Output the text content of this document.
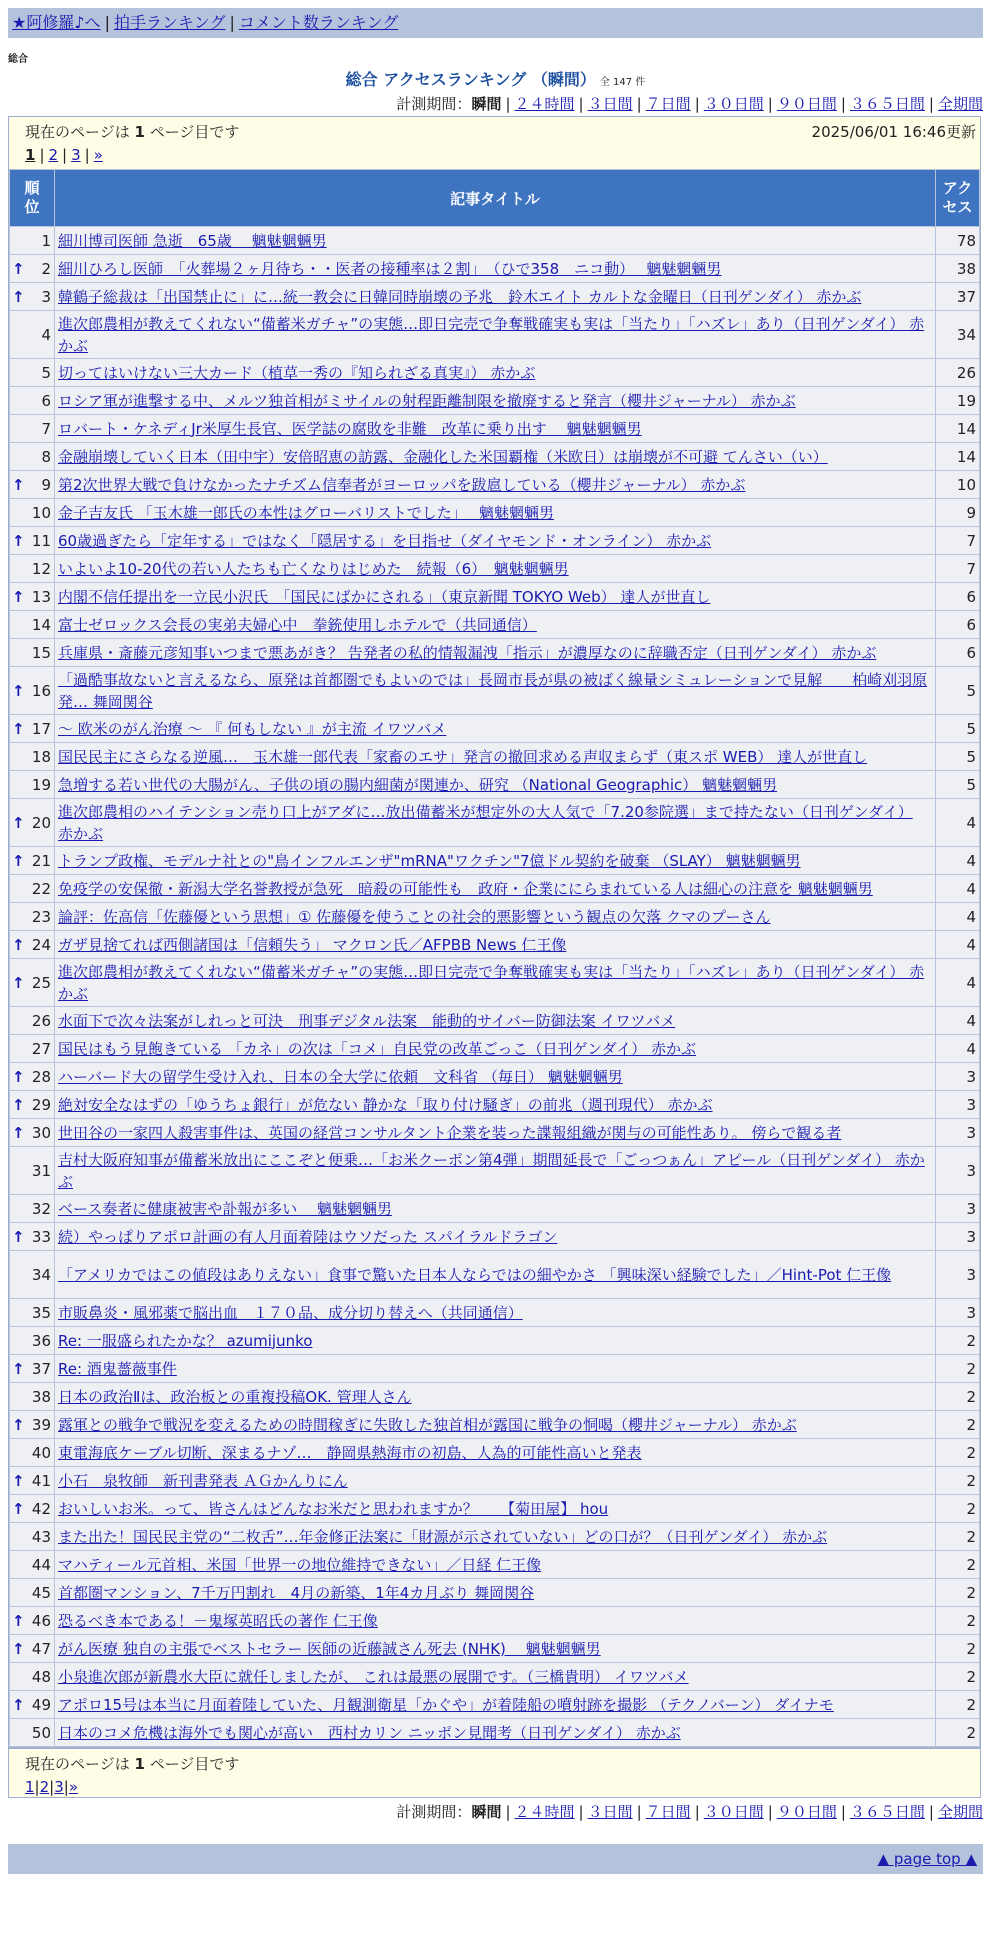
★阿修羅♪へ | 拍手ランキング | コメント数ランキング
総合
総合 アクセスランキング （瞬間） 全 147 件
計測期間：瞬間 | ２４時間 | ３日間 | ７日間 | ３０日間 | ９０日間 | ３６５日間 | 全期間
現在のページは 1 ページ目です	2025/06/01 16:46更新
1 | 2 | 3 | »
順位	記事タイトル	アクセス

1	細川博司医師 急逝　65歳　 魑魅魍魎男	78

↑ 2	細川ひろし医師　「火葬場２ヶ月待ち・・医者の接種率は２割」　（ひで358　ニコ動）　 魑魅魍魎男	38

↑ 3	韓鶴子総裁は「出国禁止に」に…統一教会に日韓同時崩壊の予兆　鈴木エイト カルトな金曜日（日刊ゲンダイ） 赤かぶ	37
4	進次郎農相が教えてくれない“備蓄米ガチャ”の実態…即日完売で争奪戦確実も実は「当たり」「ハズレ」あり（日刊ゲンダイ） 赤かぶ	34
5	切ってはいけない三大カード（植草一秀の『知られざる真実』） 赤かぶ	26
6	ロシア軍が進撃する中、メルツ独首相がミサイルの射程距離制限を撤廃すると発言（櫻井ジャーナル） 赤かぶ	19
7	ロバート・ケネディJr米厚生長官、医学誌の腐敗を非難　改革に乗り出す　 魑魅魍魎男	14
8	金融崩壊していく日本（田中宇）安倍昭恵の訪露、金融化した米国覇権（米欧日）は崩壊が不可避 てんさい（い）	14

↑ 9	第2次世界大戦で負けなかったナチズム信奉者がヨーロッパを跋扈している（櫻井ジャーナル） 赤かぶ	10
10	金子吉友氏 「玉木雄一郎氏の本性はグローバリストでした」　 魑魅魍魎男	9

↑ 11	60歳過ぎたら「定年する」ではなく「隠居する」を目指せ（ダイヤモンド・オンライン） 赤かぶ	7
12	いよいよ10-20代の若い人たちも亡くなりはじめた　続報（6）　魑魅魍魎男	7

↑ 13	内閣不信任提出を一立民小沢氏　「国民にばかにされる」（東京新聞 TOKYO Web） 達人が世直し	6
14	富士ゼロックス会長の実弟夫婦心中　拳銃使用しホテルで（共同通信）	6
15	兵庫県・斎藤元彦知事いつまで悪あがき？ 告発者の私的情報漏洩「指示」が濃厚なのに辞職否定（日刊ゲンダイ） 赤かぶ	6

↑ 16	「過酷事故ないと言えるなら、原発は首都圏でもよいのでは」長岡市長が県の被ばく線量シミュレーションで見解　　柏崎刈羽原発… 舞岡関谷	5

↑ 17	～ 欧米のがん治療 ～ 『 何もしない 』が主流 イワツバメ	5
18	国民民主にさらなる逆風…　玉木雄一郎代表「家畜のエサ」発言の撤回求める声収まらず（東スポ WEB） 達人が世直し	5
19	急増する若い世代の大腸がん、子供の頃の腸内細菌が関連か、研究 （National Geographic） 魑魅魍魎男	5

↑ 20	進次郎農相のハイテンション売り口上がアダに…放出備蓄米が想定外の大人気で「7.20参院選」まで持たない（日刊ゲンダイ） 赤かぶ	4

↑ 21	トランプ政権、モデルナ社との"鳥インフルエンザ"mRNA"ワクチン"7億ドル契約を破棄 （SLAY） 魑魅魍魎男	4
22	免疫学の安保徹・新潟大学名誉教授が急死　暗殺の可能性も　政府・企業ににらまれている人は細心の注意を 魑魅魍魎男	4
23	論評：佐高信「佐藤優という思想」① 佐藤優を使うことの社会的悪影響という観点の欠落 クマのプーさん	4

↑ 24	ガザ見捨てれば西側諸国は「信頼失う」 マクロン氏／AFPBB News 仁王像	4

↑ 25	進次郎農相が教えてくれない“備蓄米ガチャ”の実態…即日完売で争奪戦確実も実は「当たり」「ハズレ」あり（日刊ゲンダイ） 赤かぶ	4
26	水面下で次々法案がしれっと可決　刑事デジタル法案　能動的サイバー防御法案 イワツバメ	4
27	国民はもう見飽きている 「カネ」の次は「コメ」自民党の改革ごっこ（日刊ゲンダイ） 赤かぶ	4

↑ 28	ハーバード大の留学生受け入れ、日本の全大学に依頼　文科省 （毎日） 魑魅魍魎男	3

↑ 29	絶対安全なはずの「ゆうちょ銀行」が危ない 静かな「取り付け騒ぎ」の前兆（週刊現代） 赤かぶ	3

↑ 30	世田谷の一家四人殺害事件は、英国の経営コンサルタント企業を装った諜報組織が関与の可能性あり。 傍らで観る者	3
31	吉村大阪府知事が備蓄米放出にここぞと便乗…「お米クーポン第4弾」期間延長で「ごっつぁん」アピール（日刊ゲンダイ） 赤かぶ	3
32	ベース奏者に健康被害や訃報が多い　 魑魅魍魎男	3

↑ 33	続）やっぱりアポロ計画の有人月面着陸はウソだった スパイラルドラゴン	3
34	「アメリカではこの値段はありえない」食事で驚いた日本人ならではの細やかさ 「興味深い経験でした」／Hint-Pot 仁王像	3
35	市販鼻炎・風邪薬で脳出血　１７０品、成分切り替えへ（共同通信）	3
36	Re: 一服盛られたかな？ azumijunko	2

↑ 37	Re: 酒鬼薔薇事件	2
38	日本の政治Ⅱは、政治板との重複投稿OK. 管理人さん	2

↑ 39	露軍との戦争で戦況を変えるための時間稼ぎに失敗した独首相が露国に戦争の恫喝（櫻井ジャーナル） 赤かぶ	2
40	東電海底ケーブル切断、深まるナゾ…　静岡県熱海市の初島、人為的可能性高いと発表	2

↑ 41	小石　泉牧師　新刊書発表 ＡＧかんりにん	2

↑ 42	おいしいお米。って、皆さんはどんなお米だと思われますか？　　【菊田屋】 hou	2
43	また出た！国民民主党の“二枚舌”…年金修正法案に「財源が示されていない」どの口が？（日刊ゲンダイ） 赤かぶ	2
44	マハティール元首相、米国「世界一の地位維持できない」／日経 仁王像	2
45	首都圏マンション、7千万円割れ　4月の新築、1年4カ月ぶり 舞岡関谷	2

↑ 46	恐るべき本である！－鬼塚英昭氏の著作 仁王像	2

↑ 47	がん医療 独自の主張でベストセラー 医師の近藤誠さん死去 (NHK)　 魑魅魍魎男	2
48	小泉進次郎が新農水大臣に就任しましたが、 これは最悪の展開です。（三橋貴明） イワツバメ	2

↑ 49	アポロ15号は本当に月面着陸していた、月観測衛星「かぐや」が着陸船の噴射跡を撮影 （テクノバーン） ダイナモ	2
50	日本のコメ危機は海外でも関心が高い　西村カリン ニッポン見聞考（日刊ゲンダイ） 赤かぶ	2
現在のページは 1 ページ目です
1|2|3|»
計測期間：瞬間 | ２４時間 | ３日間 | ７日間 | ３０日間 | ９０日間 | ３６５日間 | 全期間
▲ page top ▲
